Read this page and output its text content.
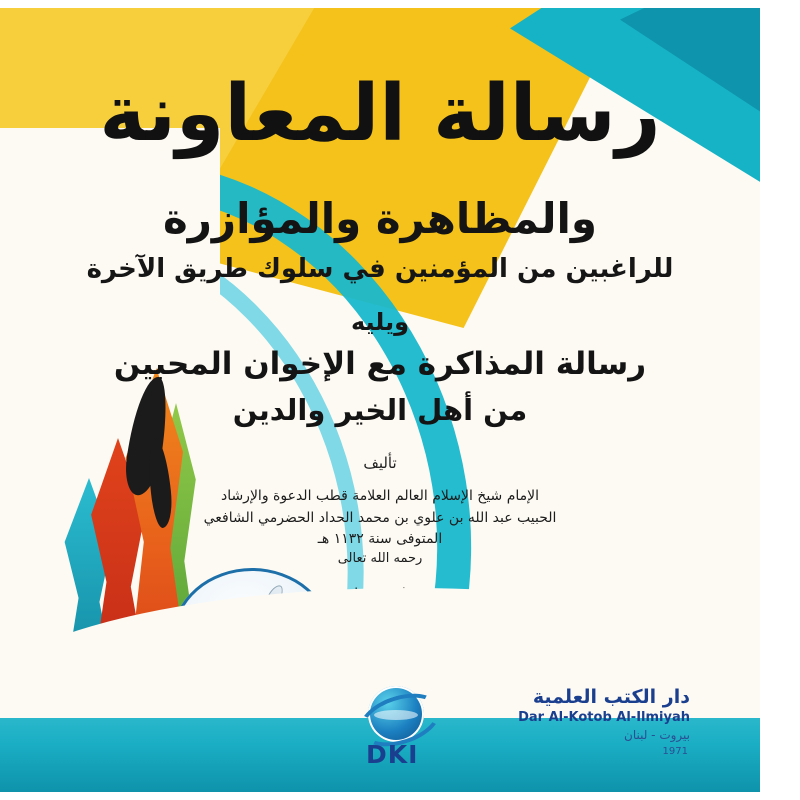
رسالة المعاونة
والمظاهرة والمؤازرة
للراغبين من المؤمنين في سلوك طريق الآخرة
ويليه
رسالة المذاكرة مع الإخوان المحبين
من أهل الخير والدين
تأليف
الإمام شيخ الإسلام العالم العلامة قطب الدعوة والإرشاد
الحبيب عبد الله بن علوي بن محمد الحداد الحضرمي الشافعي
المتوفى سنة ١١٣٢ هـ
رحمه الله تعالى
DKI
دار الكتب العلمية
Dar Al-Kotob Al-Ilmiyah
بيروت - لبنان
1971
